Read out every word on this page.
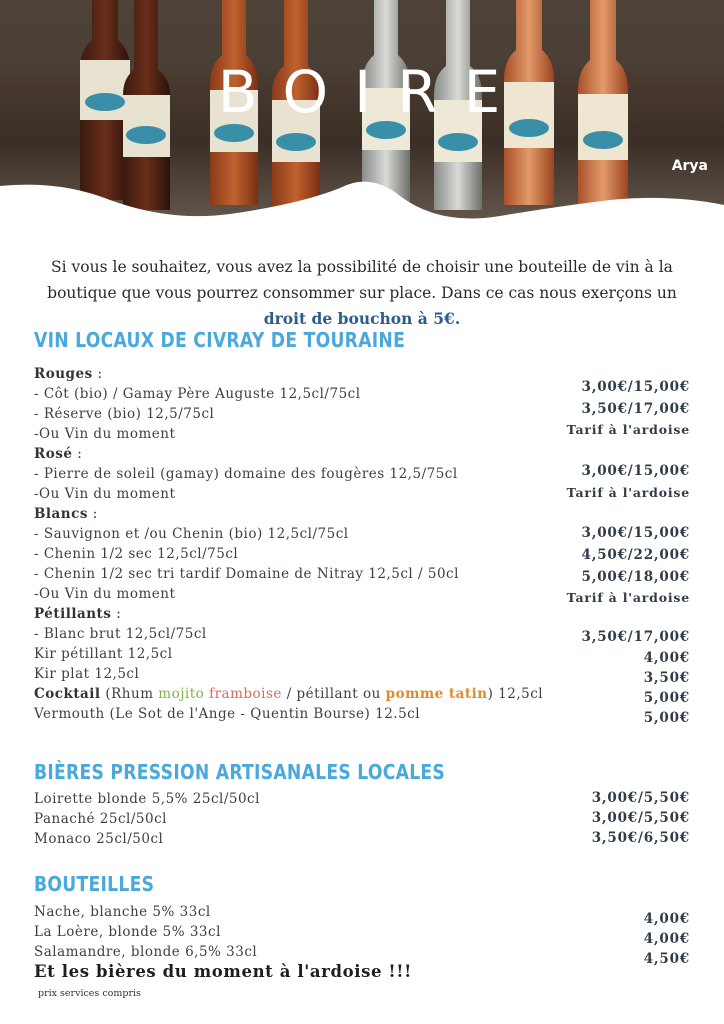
BOIRE
Arya
Si vous le souhaitez, vous avez la possibilité de choisir une bouteille de vin à la boutique que vous pourrez consommer sur place. Dans ce cas nous exerçons un droit de bouchon à 5€.
VIN LOCAUX DE CIVRAY DE TOURAINE
Rouges :
- Côt (bio) / Gamay Père Auguste 12,5cl/75cl	3,00€/15,00€
- Réserve (bio) 12,5/75cl	3,50€/17,00€
-Ou Vin du moment	Tarif à l'ardoise
Rosé :
- Pierre de soleil (gamay) domaine des fougères 12,5/75cl	3,00€/15,00€
-Ou Vin du moment	Tarif à l'ardoise
Blancs :
- Sauvignon et /ou Chenin (bio) 12,5cl/75cl	3,00€/15,00€
- Chenin 1/2 sec 12,5cl/75cl	4,50€/22,00€
- Chenin 1/2 sec tri tardif Domaine de Nitray 12,5cl / 50cl	5,00€/18,00€
-Ou Vin du moment	Tarif à l'ardoise
Pétillants :
- Blanc brut 12,5cl/75cl	3,50€/17,00€
Kir pétillant 12,5cl	4,00€
Kir plat 12,5cl	3,50€
Cocktail (Rhum mojito framboise / pétillant ou pomme tatin) 12,5cl	5,00€
Vermouth (Le Sot de l'Ange - Quentin Bourse) 12.5cl	5,00€
BIÈRES PRESSION ARTISANALES LOCALES
Loirette blonde 5,5% 25cl/50cl	3,00€/5,50€
Panaché 25cl/50cl	3,00€/5,50€
Monaco 25cl/50cl	3,50€/6,50€
BOUTEILLES
Nache, blanche 5% 33cl	4,00€
La Loère, blonde 5% 33cl	4,00€
Salamandre, blonde 6,5% 33cl	4,50€
Et les bières du moment à l'ardoise !!!
prix services compris
